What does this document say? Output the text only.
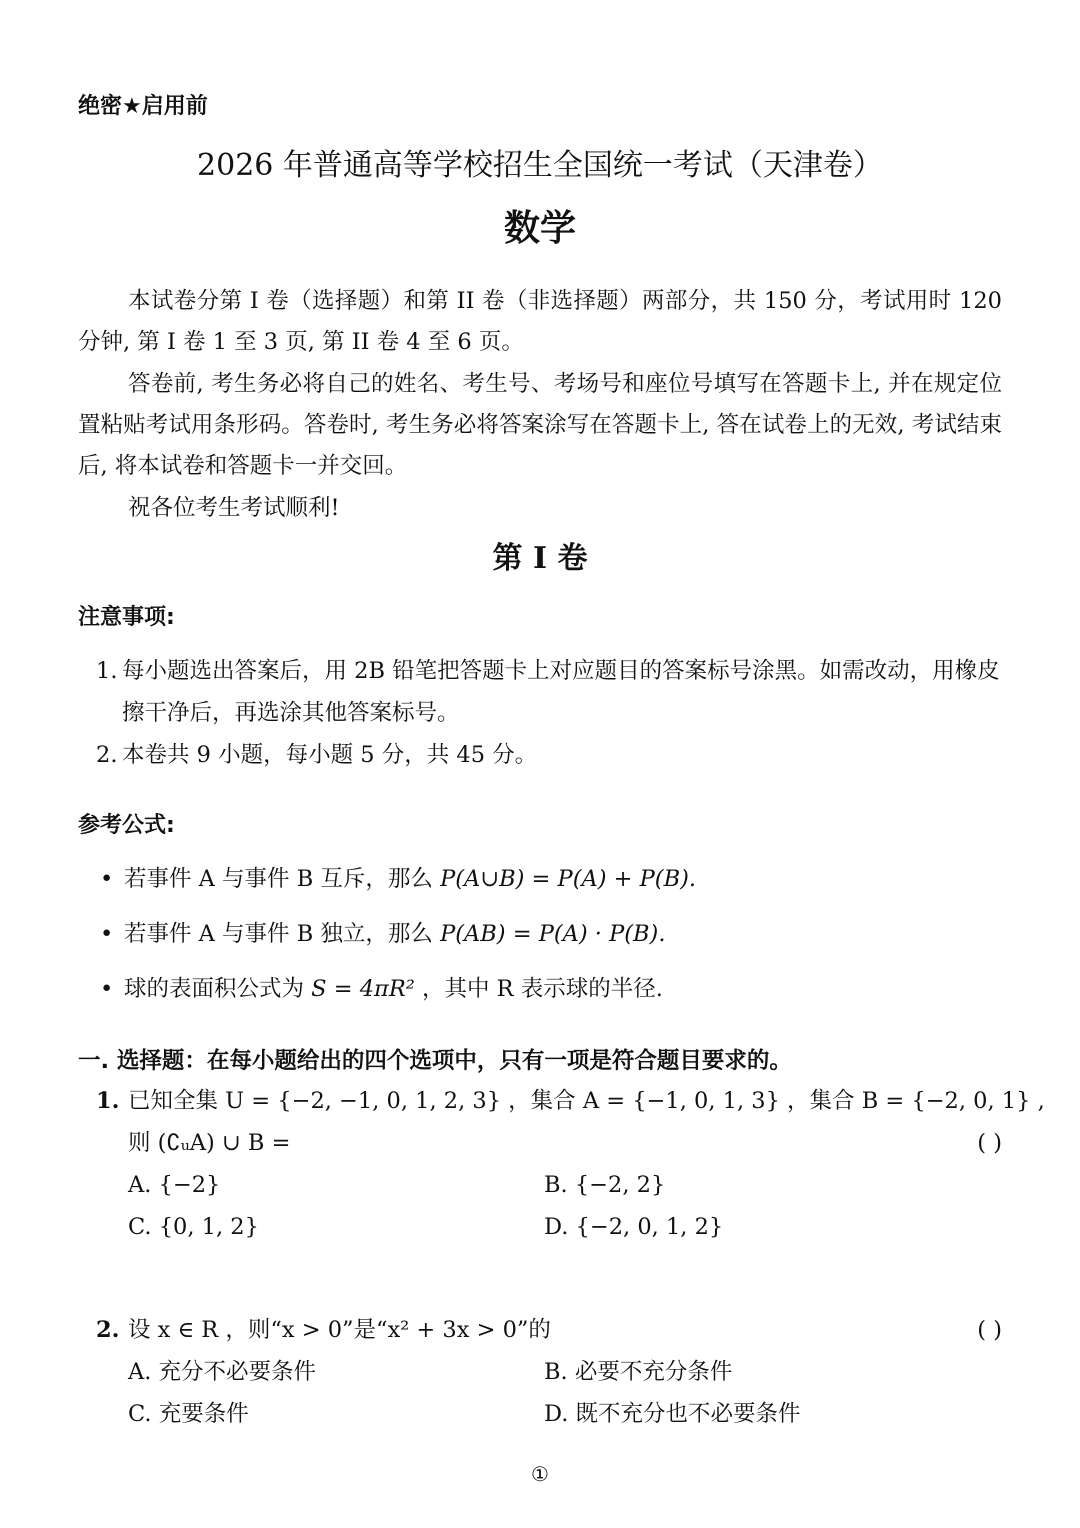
绝密★启用前
2026 年普通高等学校招生全国统一考试（天津卷）
数学
本试卷分第 I 卷（选择题）和第 II 卷（非选择题）两部分，共 150 分，考试用时 120 分钟, 第 I 卷 1 至 3 页, 第 II 卷 4 至 6 页。
答卷前, 考生务必将自己的姓名、考生号、考场号和座位号填写在答题卡上, 并在规定位置粘贴考试用条形码。答卷时, 考生务必将答案涂写在答题卡上, 答在试卷上的无效, 考试结束后, 将本试卷和答题卡一并交回。
祝各位考生考试顺利!
第 I 卷
注意事项:
1. 每小题选出答案后，用 2B 铅笔把答题卡上对应题目的答案标号涂黑。如需改动，用橡皮擦干净后，再选涂其他答案标号。
2. 本卷共 9 小题，每小题 5 分，共 45 分。
参考公式:
• 若事件 A 与事件 B 互斥，那么 P(A∪B) = P(A) + P(B).
• 若事件 A 与事件 B 独立，那么 P(AB) = P(A) · P(B).
• 球的表面积公式为 S = 4πR² ，其中 R 表示球的半径.
一. 选择题：在每小题给出的四个选项中，只有一项是符合题目要求的。
1. 已知全集 U = {−2, −1, 0, 1, 2, 3} ，集合 A = {−1, 0, 1, 3} ，集合 B = {−2, 0, 1} ,
则 (∁ᵤA) ∪ B =	( )
A. {−2}	B. {−2, 2}
C. {0, 1, 2}	D. {−2, 0, 1, 2}
2. 设 x ∈ R ，则“x > 0”是“x² + 3x > 0”的	( )
A. 充分不必要条件	B. 必要不充分条件
C. 充要条件	D. 既不充分也不必要条件
①
